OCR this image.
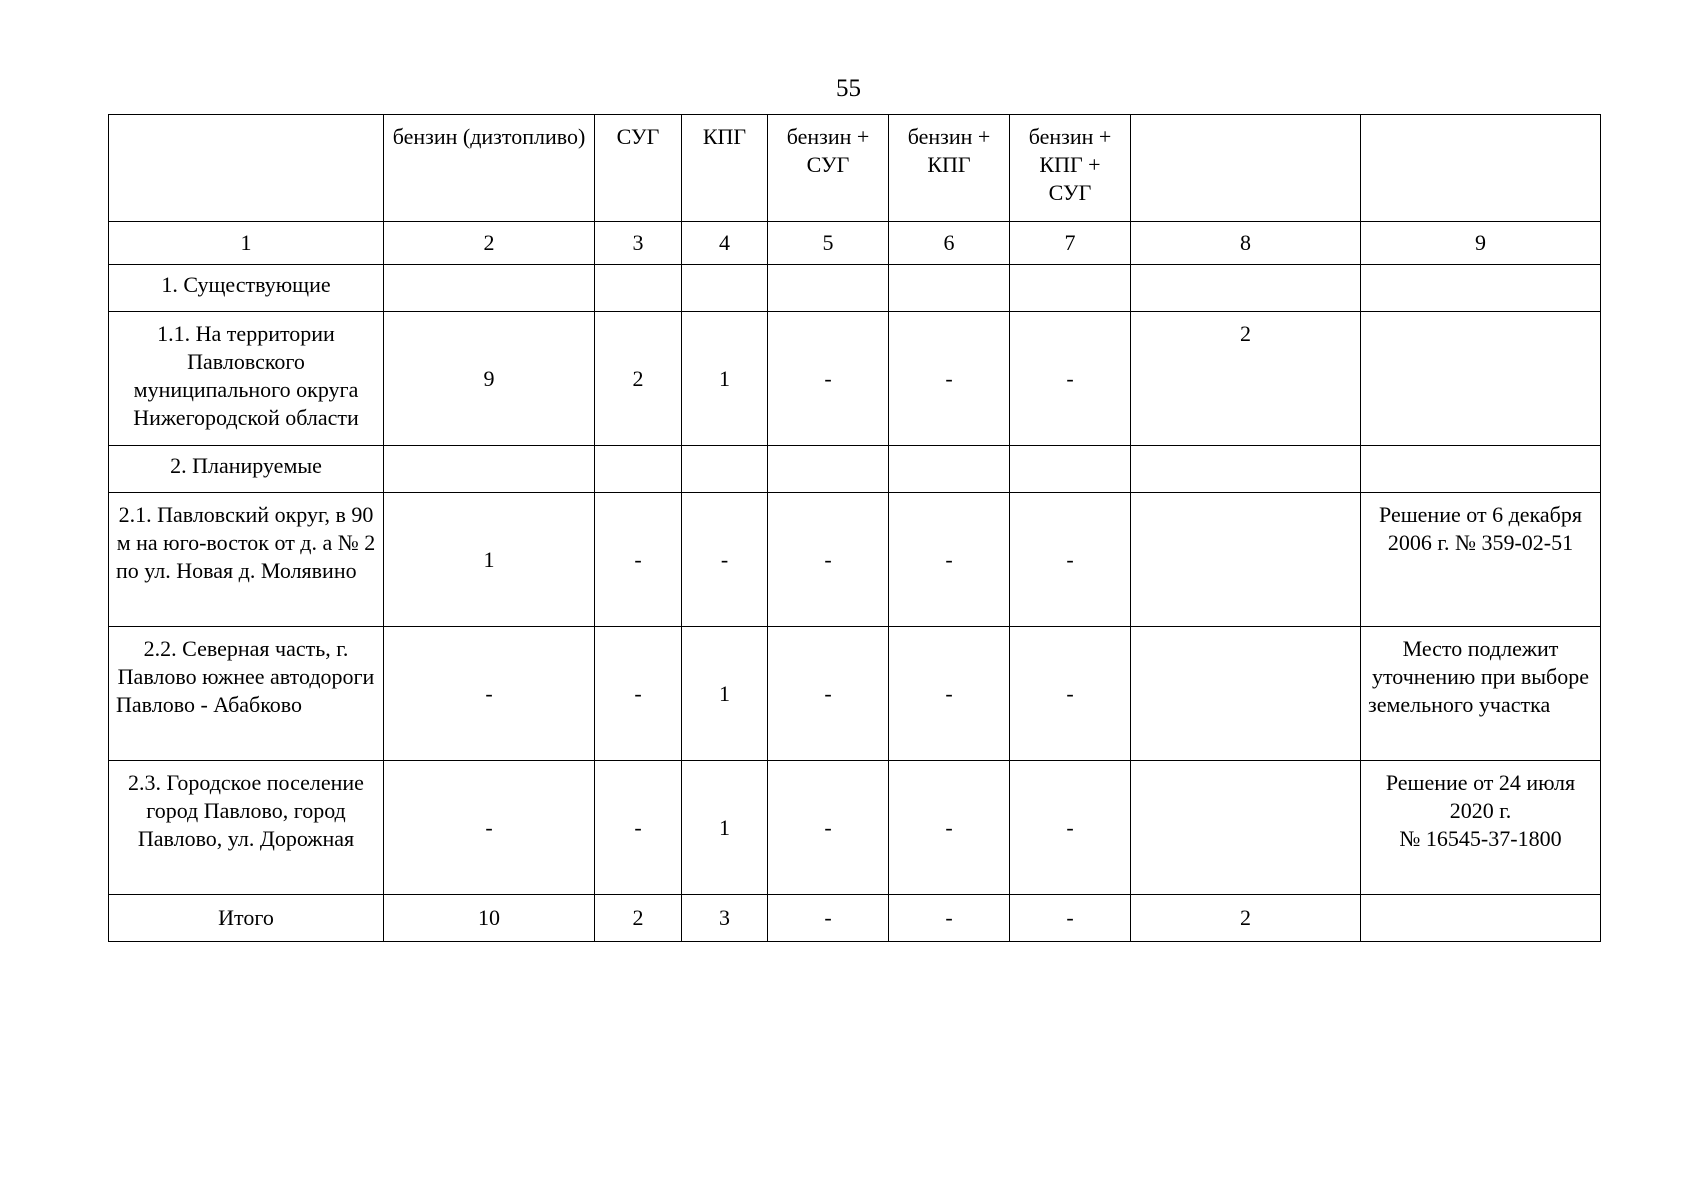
55
	бензин (дизтопливо)	СУГ	КПГ	бензин + СУГ	бензин + КПГ	бензин + КПГ + СУГ		
1	2	3	4	5	6	7	8	9
1. Существующие								
1.1. На территории Павловского муниципального округа Нижегородской области	9	2	1	-	-	-	2	
2. Планируемые								
2.1. Павловский округ, в 90 м на юго-восток от д. а № 2 по ул. Новая д. Молявино	1	-	-	-	-	-		Решение от 6 декабря 2006 г. № 359-02-51
2.2. Северная часть, г. Павлово южнее автодороги Павлово - Абабково	-	-	1	-	-	-		Место подлежит уточнению при выборе земельного участка
2.3. Городское поселение город Павлово, город Павлово, ул. Дорожная	-	-	1	-	-	-		Решение от 24 июля 2020 г.
№ 16545-37-1800
Итого	10	2	3	-	-	-	2	
